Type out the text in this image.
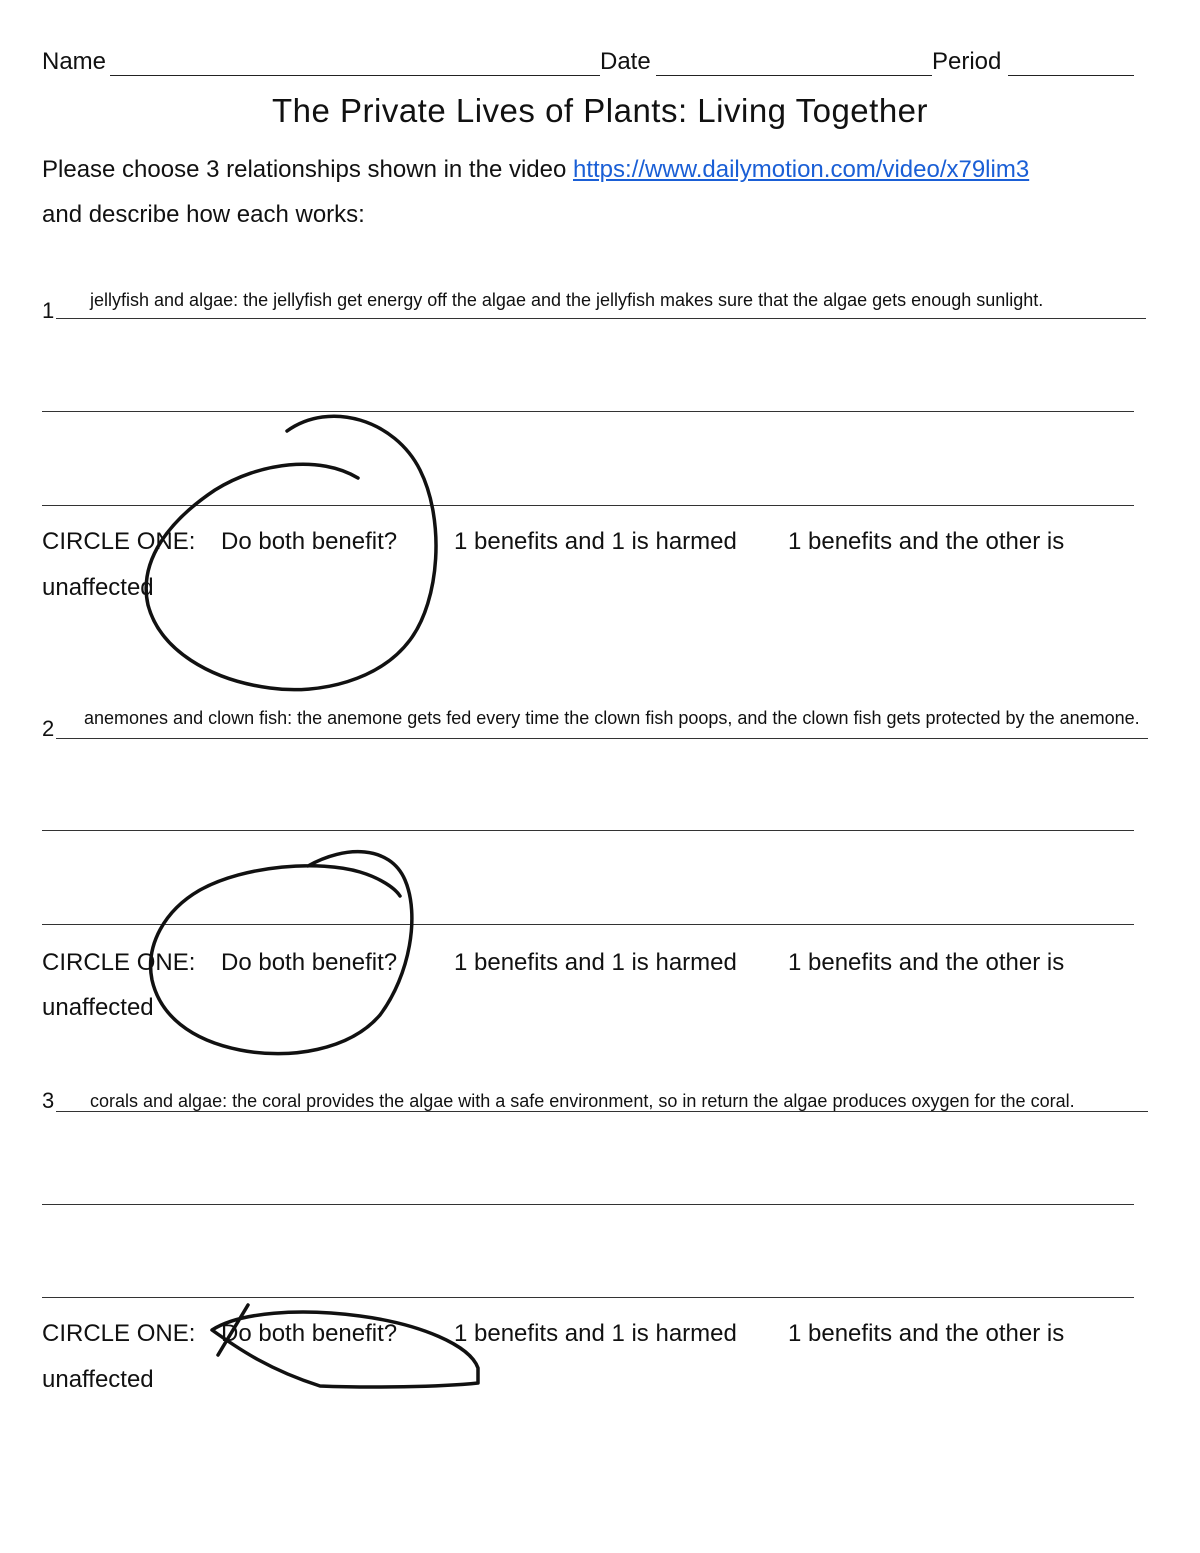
Name	Date	Period
The Private Lives of Plants: Living Together
Please choose 3 relationships shown in the video https://www.dailymotion.com/video/x79lim3
and describe how each works:
1 jellyfish and algae: the jellyfish get energy off the algae and the jellyfish makes sure that the algae gets enough sunlight.
CIRCLE ONE: Do both benefit? 1 benefits and 1 is harmed 1 benefits and the other is
unaffected
2 anemones and clown fish: the anemone gets fed every time the clown fish poops, and the clown fish gets protected by the anemone.
CIRCLE ONE: Do both benefit? 1 benefits and 1 is harmed 1 benefits and the other is
unaffected
3 corals and algae: the coral provides the algae with a safe environment, so in return the algae produces oxygen for the coral.
CIRCLE ONE: Do both benefit? 1 benefits and 1 is harmed 1 benefits and the other is
unaffected
